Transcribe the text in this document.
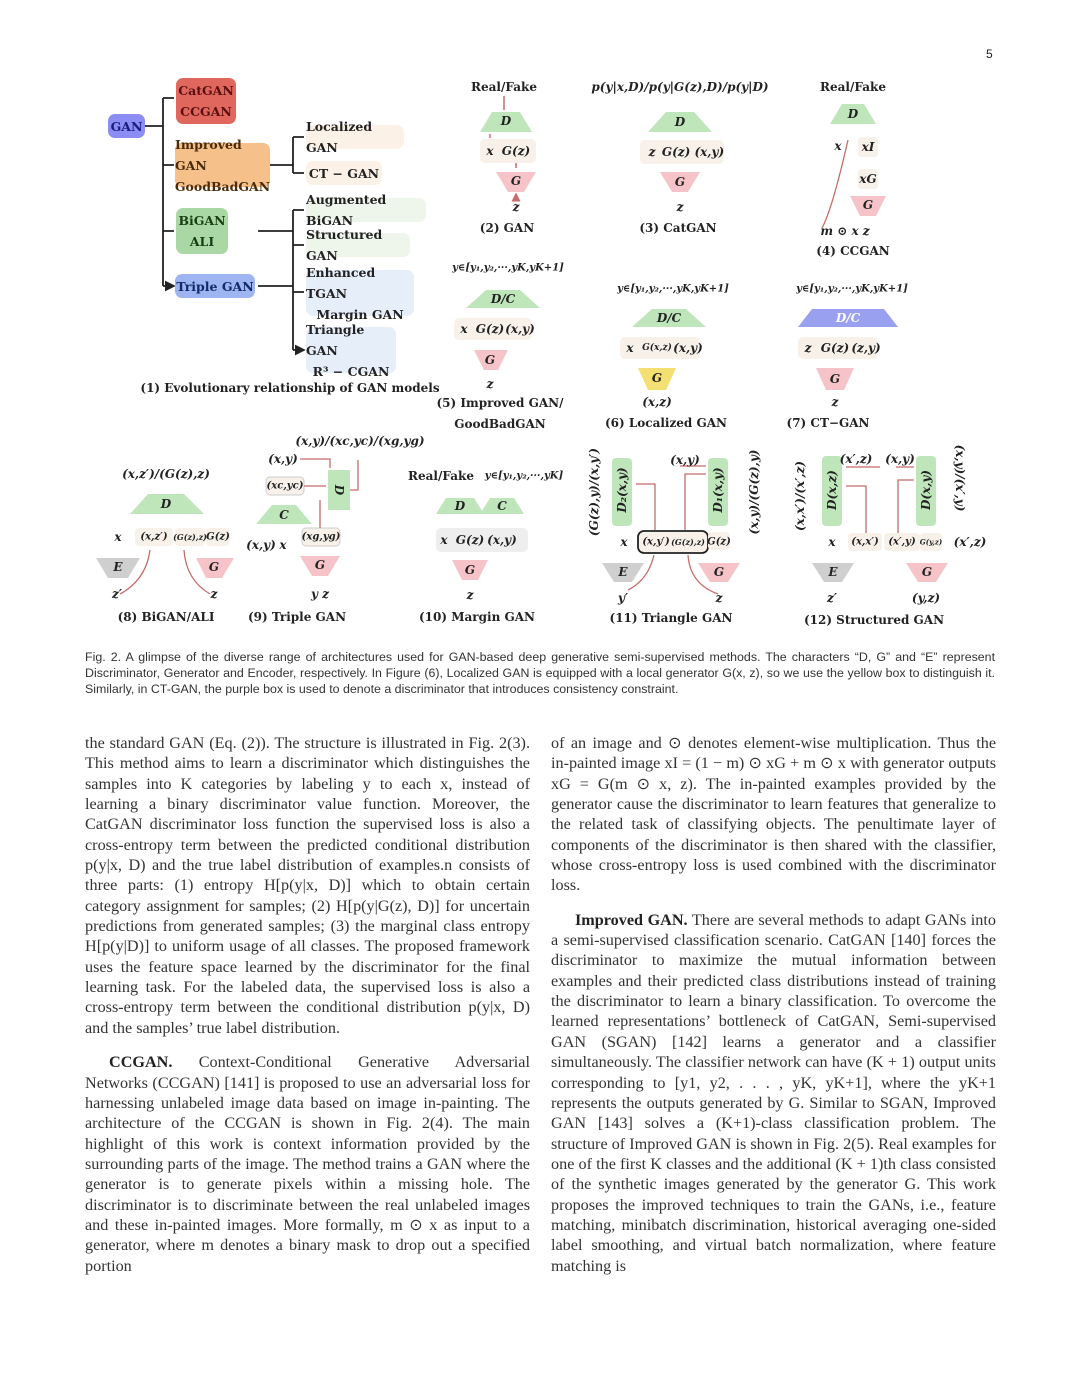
5
GAN
CatGAN
CCGAN
Improved GAN
GoodBadGAN
BiGAN
ALI
Triple GAN
Localized GAN
CT − GAN
Augmented BiGAN
Structured GAN
Enhanced TGAN
Margin GAN
Triangle GAN
R³ − CGAN
(1) Evolutionary relationship of GAN models
Real/Fake
D
x G(z)
G
z
(2) GAN
p(y|x,D)/p(y|G(z),D)/p(y|D)
D
z G(z) (x,y)
G
z
(3) CatGAN
Real/Fake
D
x xI
xG
G
m ⊙ x z
(4) CCGAN
y∈[y₁,y₂,···,yK,yK+1]
D/C
x G(z) (x,y)
G
z
(5) Improved GAN/
GoodBadGAN
y∈[y₁,y₂,···,yK,yK+1]
D/C
x G(x,z) (x,y)
G
(x,z)
(6) Localized GAN
y∈[y₁,y₂,···,yK,yK+1]
D/C
z G(z) (z,y)
G
z
(7) CT−GAN
(x,z′)/(G(z),z)
D
x (x,z′) (G(z),z) G(z)
E	G
z′	z
(8) BiGAN/ALI
(x,y)/(xc,yc)/(xg,yg)
(x,y)
(xc,yc) D
C
(x,y) x
(xg,yg)
G
y z
(9) Triple GAN
Real/Fake y∈[y₁,y₂,···,yK]
D	C
x G(z) (x,y)
G
z
(10) Margin GAN
(G(z),y)/(x,y′) D₂(x,y)
(x,y)
D₁(x,y) (x,y)/(G(z),y)
x (x,y′) (G(z),z) G(z)
E	G
y′	z
(11) Triangle GAN
(x,x′)/(x′,z)
(x′,z) (x,y)
D(x,z)	D(x,y) (x,y)/(x′,y)
x (x,x′) (x′,y) G(y,z) (x′,z)
E	G
z′	(y,z)
(12) Structured GAN
Fig. 2. A glimpse of the diverse range of architectures used for GAN-based deep generative semi-supervised methods. The characters “D, G” and “E” represent Discriminator, Generator and Encoder, respectively. In Figure (6), Localized GAN is equipped with a local generator G(x, z), so we use the yellow box to distinguish it. Similarly, in CT-GAN, the purple box is used to denote a discriminator that introduces consistency constraint.

the standard GAN (Eq. (2)). The structure is illustrated in Fig. 2(3). This method aims to learn a discriminator which distinguishes the samples into K categories by labeling y to each x, instead of learning a binary discriminator value function. Moreover, the CatGAN discriminator loss function the supervised loss is also a cross-entropy term between the predicted conditional distribution p(y|x, D) and the true label distribution of examples.n consists of three parts: (1) entropy H[p(y|x, D)] which to obtain certain category assignment for samples; (2) H[p(y|G(z), D)] for uncertain predictions from generated samples; (3) the marginal class entropy H[p(y|D)] to uniform usage of all classes. The proposed framework uses the feature space learned by the discriminator for the final learning task. For the labeled data, the supervised loss is also a cross-entropy term between the conditional distribution p(y|x, D) and the samples’ true label distribution.

CCGAN. Context-Conditional Generative Adversarial Networks (CCGAN) [141] is proposed to use an adversarial loss for harnessing unlabeled image data based on image in-painting. The architecture of the CCGAN is shown in Fig. 2(4). The main highlight of this work is context information provided by the surrounding parts of the image. The method trains a GAN where the generator is to generate pixels within a missing hole. The discriminator is to discriminate between the real unlabeled images and these in-painted images. More formally, m ⊙ x as input to a generator, where m denotes a binary mask to drop out a specified portion

of an image and ⊙ denotes element-wise multiplication. Thus the in-painted image xI = (1 − m) ⊙ xG + m ⊙ x with generator outputs xG = G(m ⊙ x, z). The in-painted examples provided by the generator cause the discriminator to learn features that generalize to the related task of classifying objects. The penultimate layer of components of the discriminator is then shared with the classifier, whose cross-entropy loss is used combined with the discriminator loss.

Improved GAN. There are several methods to adapt GANs into a semi-supervised classification scenario. CatGAN [140] forces the discriminator to maximize the mutual information between examples and their predicted class distributions instead of training the discriminator to learn a binary classification. To overcome the learned representations’ bottleneck of CatGAN, Semi-supervised GAN (SGAN) [142] learns a generator and a classifier simultaneously. The classifier network can have (K + 1) output units corresponding to [y1, y2, . . . , yK, yK+1], where the yK+1 represents the outputs generated by G. Similar to SGAN, Improved GAN [143] solves a (K+1)-class classification problem. The structure of Improved GAN is shown in Fig. 2(5). Real examples for one of the first K classes and the additional (K + 1)th class consisted of the synthetic images generated by the generator G. This work proposes the improved techniques to train the GANs, i.e., feature matching, minibatch discrimination, historical averaging one-sided label smoothing, and virtual batch normalization, where feature matching is
